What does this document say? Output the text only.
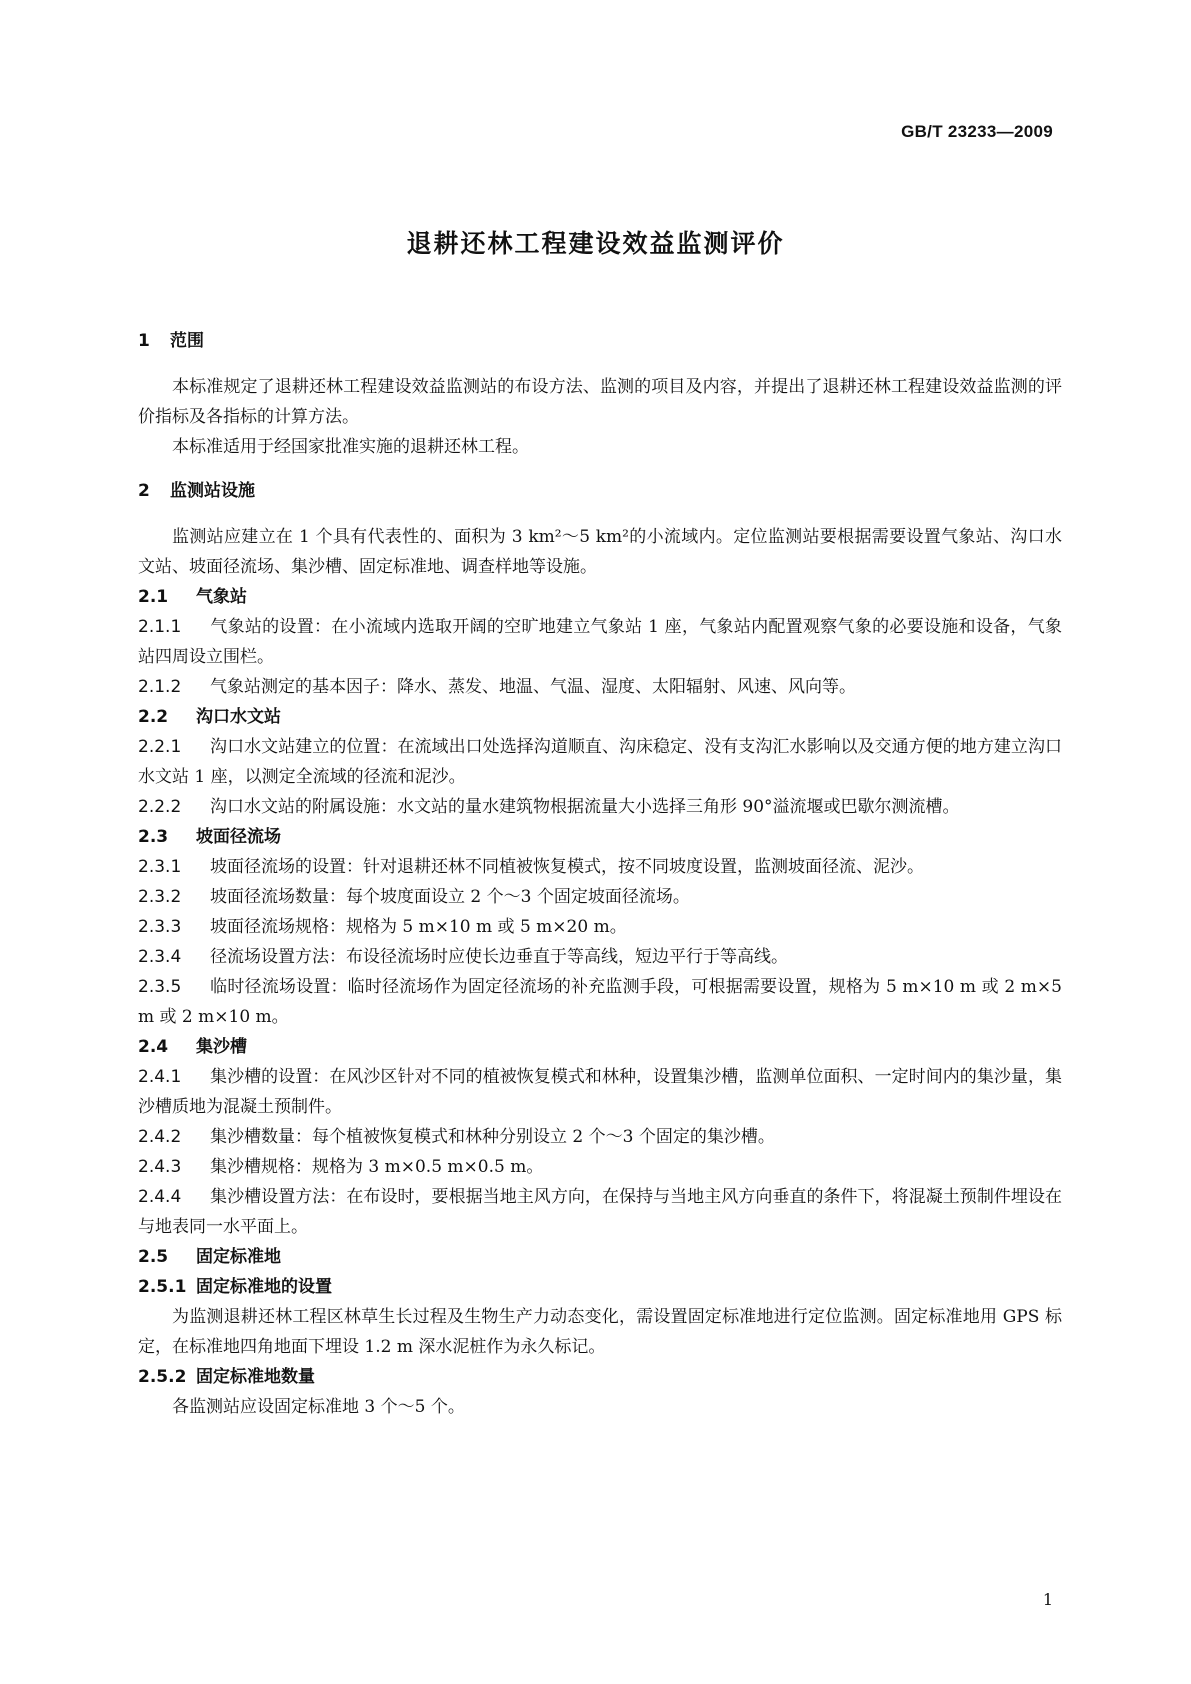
GB/T 23233—2009
退耕还林工程建设效益监测评价
1 范围

本标准规定了退耕还林工程建设效益监测站的布设方法、监测的项目及内容，并提出了退耕还林工程建设效益监测的评价指标及各指标的计算方法。

本标准适用于经国家批准实施的退耕还林工程。

2 监测站设施

监测站应建立在 1 个具有代表性的、面积为 3 km²～5 km²的小流域内。定位监测站要根据需要设置气象站、沟口水文站、坡面径流场、集沙槽、固定标准地、调查样地等设施。

2.1 气象站

2.1.1 气象站的设置：在小流域内选取开阔的空旷地建立气象站 1 座，气象站内配置观察气象的必要设施和设备，气象站四周设立围栏。

2.1.2 气象站测定的基本因子：降水、蒸发、地温、气温、湿度、太阳辐射、风速、风向等。

2.2 沟口水文站

2.2.1 沟口水文站建立的位置：在流域出口处选择沟道顺直、沟床稳定、没有支沟汇水影响以及交通方便的地方建立沟口水文站 1 座，以测定全流域的径流和泥沙。

2.2.2 沟口水文站的附属设施：水文站的量水建筑物根据流量大小选择三角形 90°溢流堰或巴歇尔测流槽。

2.3 坡面径流场

2.3.1 坡面径流场的设置：针对退耕还林不同植被恢复模式，按不同坡度设置，监测坡面径流、泥沙。

2.3.2 坡面径流场数量：每个坡度面设立 2 个～3 个固定坡面径流场。

2.3.3 坡面径流场规格：规格为 5 m×10 m 或 5 m×20 m。

2.3.4 径流场设置方法：布设径流场时应使长边垂直于等高线，短边平行于等高线。

2.3.5 临时径流场设置：临时径流场作为固定径流场的补充监测手段，可根据需要设置，规格为 5 m×10 m 或 2 m×5 m 或 2 m×10 m。

2.4 集沙槽

2.4.1 集沙槽的设置：在风沙区针对不同的植被恢复模式和林种，设置集沙槽，监测单位面积、一定时间内的集沙量，集沙槽质地为混凝土预制件。

2.4.2 集沙槽数量：每个植被恢复模式和林种分别设立 2 个～3 个固定的集沙槽。

2.4.3 集沙槽规格：规格为 3 m×0.5 m×0.5 m。

2.4.4 集沙槽设置方法：在布设时，要根据当地主风方向，在保持与当地主风方向垂直的条件下，将混凝土预制件埋设在与地表同一水平面上。

2.5 固定标准地
2.5.1 固定标准地的设置

为监测退耕还林工程区林草生长过程及生物生产力动态变化，需设置固定标准地进行定位监测。固定标准地用 GPS 标定，在标准地四角地面下埋设 1.2 m 深水泥桩作为永久标记。

2.5.2 固定标准地数量

各监测站应设固定标准地 3 个～5 个。

1
